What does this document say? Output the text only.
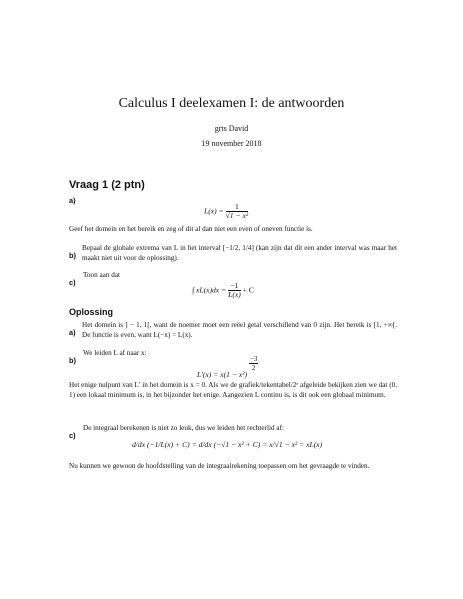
Calculus I deelexamen I: de antwoorden
grts David
19 november 2018
Vraag 1 (2 ptn)
a)
$L(x) = \frac{1}{\text{√1 − x²}}$
Geef het domein en het bereik en zeg of dit al dan niet een even of oneven functie is.
b)
Bepaal de globale extrema van L in het interval [−1/2, 1/4] (kan zijn dat dit een ander interval was maar het maakt niet uit voor de oplossing).
c)
Toon aan dat
∫ $xL(x)dx = \frac{-1}{L(x)} + C$
Oplossing
a)
Het domein is ] − 1, 1[, want de noemer moet een reëel getal verschillend van 0 zijn. Het bereik is [1, +∞[. De functie is even, want L(−x) = L(x).
b)
We leiden L af naar x:
L′(x) = x(1 − x²)
$\frac{-3}{2}$
Het enige nulpunt van L′ in het domein is x = 0. Als we de grafiek/tekentabel/2ᵉ afgeleide bekijken zien we dat (0, 1) een lokaal minimum is, in het bijzonder het enige. Aangezien L continu is, is dit ook een globaal minimum.
c)
De integraal berekenen is niet zo leuk, dus we leiden het rechterlid af:
d/dx (−1/L(x) + C) = d/dx (−√1 − x² + C) = x/√1 − x² = xL(x)
Nu kunnen we gewoon de hoofdstelling van de integraalrekening toepassen om het gevraagde te vinden.
